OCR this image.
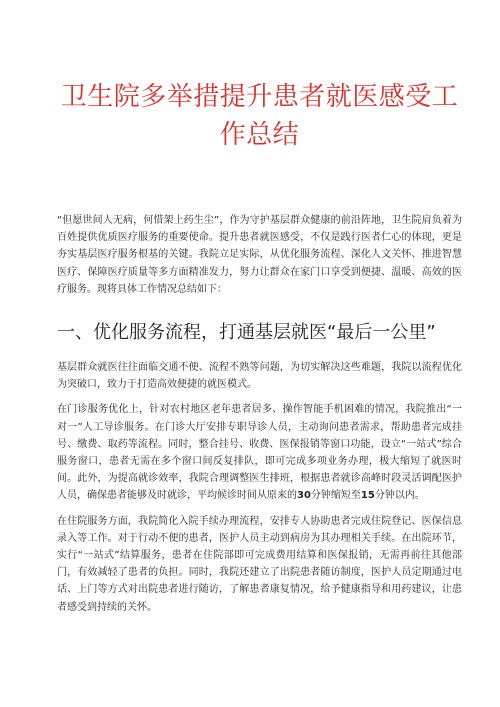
卫生院多举措提升患者就医感受工
作总结

“但愿世间人无病，何惜架上药生尘”，作为守护基层群众健康的前沿阵地，卫生院肩负着为百姓提供优质医疗服务的重要使命。提升患者就医感受，不仅是践行医者仁心的体现，更是夯实基层医疗服务根基的关键。我院立足实际，从优化服务流程、深化人文关怀、推进智慧医疗、保障医疗质量等多方面精准发力，努力让群众在家门口享受到便捷、温暖、高效的医疗服务。现将具体工作情况总结如下：

一、优化服务流程，打通基层就医“最后一公里”

基层群众就医往往面临交通不便、流程不熟等问题，为切实解决这些难题，我院以流程优化为突破口，致力于打造高效便捷的就医模式。

在门诊服务优化上，针对农村地区老年患者居多、操作智能手机困难的情况，我院推出“一对一”人工导诊服务。在门诊大厅安排专职导诊人员，主动询问患者需求，帮助患者完成挂号、缴费、取药等流程。同时，整合挂号、收费、医保报销等窗口功能，设立“一站式”综合服务窗口，患者无需在多个窗口间反复排队，即可完成多项业务办理，极大缩短了就医时间。此外，为提高就诊效率，我院合理调整医生排班，根据患者就诊高峰时段灵活调配医护人员，确保患者能够及时就诊，平均候诊时间从原来的30分钟缩短至15分钟以内。

在住院服务方面，我院简化入院手续办理流程，安排专人协助患者完成住院登记、医保信息录入等工作。对于行动不便的患者，医护人员主动到病房为其办理相关手续。在出院环节，实行“一站式”结算服务，患者在住院部即可完成费用结算和医保报销，无需再前往其他部门，有效减轻了患者的负担。同时，我院还建立了出院患者随访制度，医护人员定期通过电话、上门等方式对出院患者进行随访，了解患者康复情况，给予健康指导和用药建议，让患者感受到持续的关怀。
